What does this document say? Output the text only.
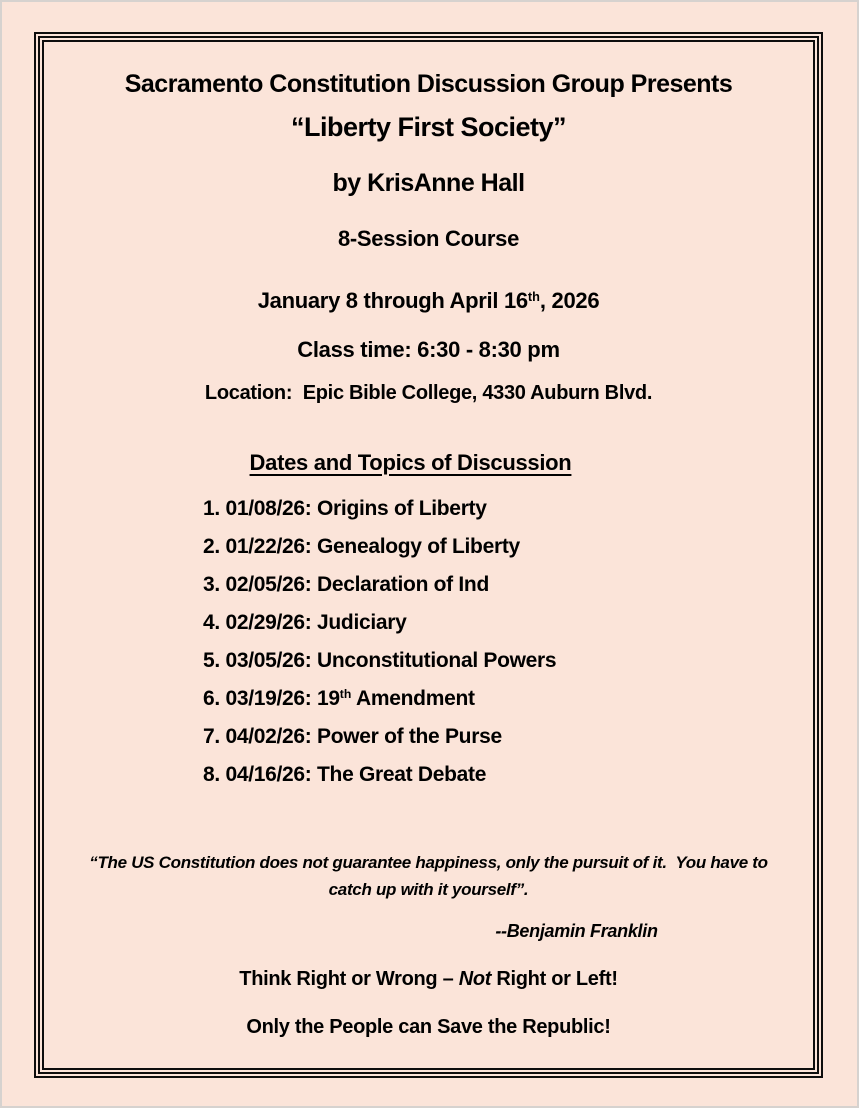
Sacramento Constitution Discussion Group Presents
“Liberty First Society”
by KrisAnne Hall
8-Session Course
January 8 through April 16th, 2026
Class time: 6:30 - 8:30 pm
Location:  Epic Bible College, 4330 Auburn Blvd.
Dates and Topics of Discussion
1. 01/08/26: Origins of Liberty
2. 01/22/26: Genealogy of Liberty
3. 02/05/26: Declaration of Ind
4. 02/29/26: Judiciary
5. 03/05/26: Unconstitutional Powers
6. 03/19/26: 19th Amendment
7. 04/02/26: Power of the Purse
8. 04/16/26: The Great Debate
“The US Constitution does not guarantee happiness, only the pursuit of it.  You have to catch up with it yourself”.
--Benjamin Franklin
Think Right or Wrong – Not Right or Left!
Only the People can Save the Republic!
